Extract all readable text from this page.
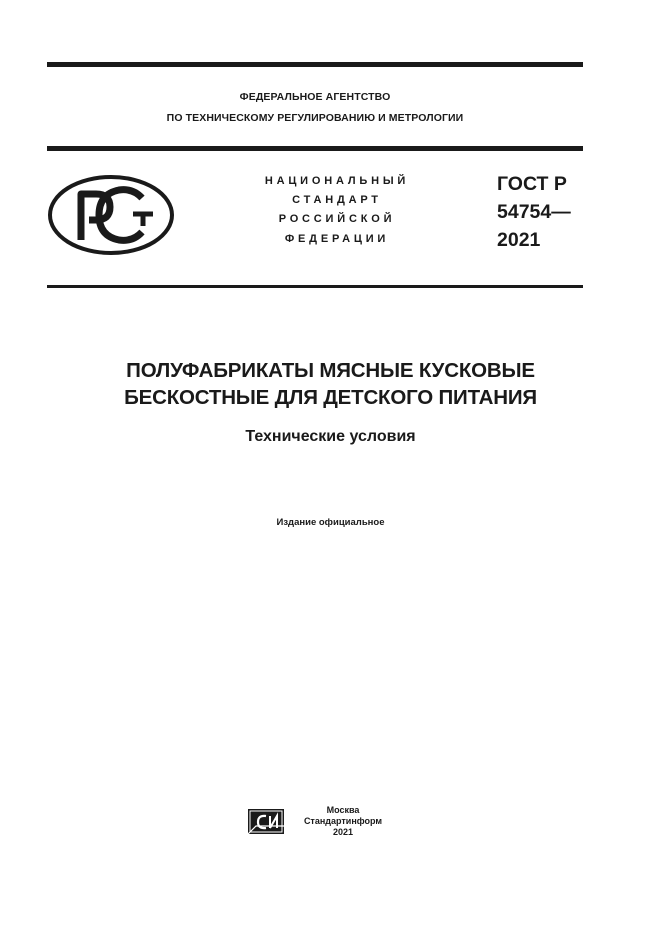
ФЕДЕРАЛЬНОЕ АГЕНТСТВО
ПО ТЕХНИЧЕСКОМУ РЕГУЛИРОВАНИЮ И МЕТРОЛОГИИ
НАЦИОНАЛЬНЫЙ
СТАНДАРТ
РОССИЙСКОЙ
ФЕДЕРАЦИИ
ГОСТ Р
54754—
2021
ПОЛУФАБРИКАТЫ МЯСНЫЕ КУСКОВЫЕ
БЕСКОСТНЫЕ ДЛЯ ДЕТСКОГО ПИТАНИЯ
Технические условия
Издание официальное
Москва
Стандартинформ
2021
